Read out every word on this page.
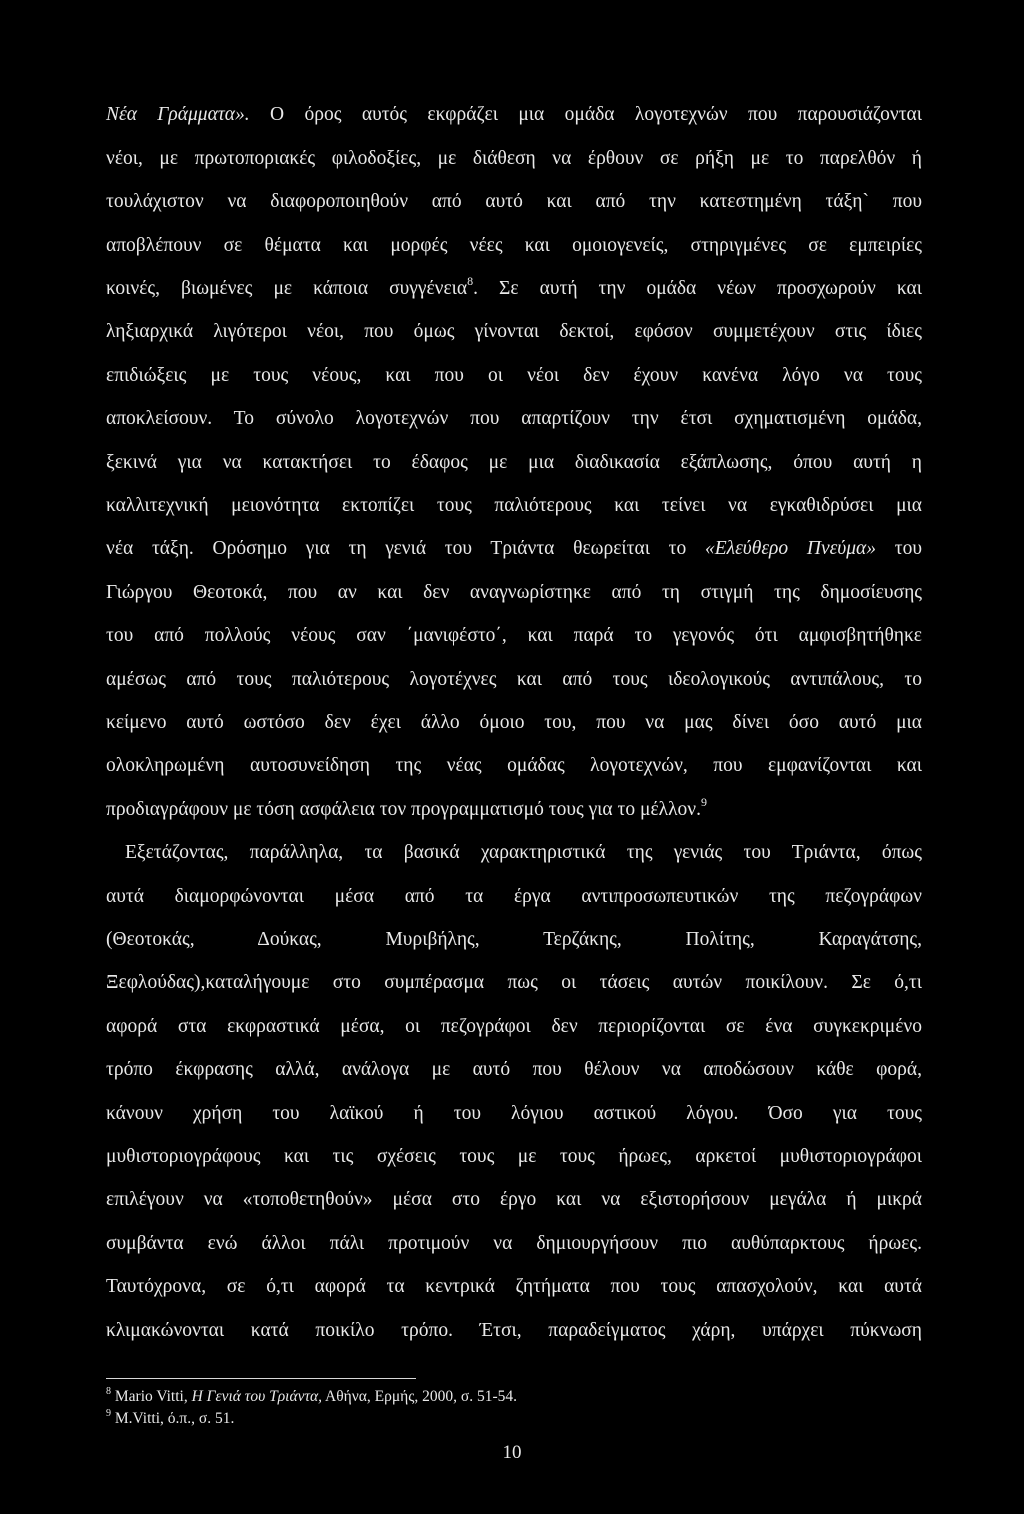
Νέα Γράμματα». Ο όρος αυτός εκφράζει μια ομάδα λογοτεχνών που παρουσιάζονται

νέοι, με πρωτοποριακές φιλοδοξίες, με διάθεση να έρθουν σε ρήξη με το παρελθόν ή

τουλάχιστον να διαφοροποιηθούν από αυτό και από την κατεστημένη τάξη` που

αποβλέπουν σε θέματα και μορφές νέες και ομοιογενείς, στηριγμένες σε εμπειρίες

κοινές, βιωμένες με κάποια συγγένεια$^8$. Σε αυτή την ομάδα νέων προσχωρούν και

ληξιαρχικά λιγότεροι νέοι, που όμως γίνονται δεκτοί, εφόσον συμμετέχουν στις ίδιες

επιδιώξεις με τους νέους, και που οι νέοι δεν έχουν κανένα λόγο να τους

αποκλείσουν. Το σύνολο λογοτεχνών που απαρτίζουν την έτσι σχηματισμένη ομάδα,

ξεκινά για να κατακτήσει το έδαφος με μια διαδικασία εξάπλωσης, όπου αυτή η

καλλιτεχνική μειονότητα εκτοπίζει τους παλιότερους και τείνει να εγκαθιδρύσει μια

νέα τάξη. Ορόσημο για τη γενιά του Τριάντα θεωρείται το «Ελεύθερο Πνεύμα» του

Γιώργου Θεοτοκά, που αν και δεν αναγνωρίστηκε από τη στιγμή της δημοσίευσης

του από πολλούς νέους σαν ΄μανιφέστο΄, και παρά το γεγονός ότι αμφισβητήθηκε

αμέσως από τους παλιότερους λογοτέχνες και από τους ιδεολογικούς αντιπάλους, το

κείμενο αυτό ωστόσο δεν έχει άλλο όμοιο του, που να μας δίνει όσο αυτό μια

ολοκληρωμένη αυτοσυνείδηση της νέας ομάδας λογοτεχνών, που εμφανίζονται και

προδιαγράφουν με τόση ασφάλεια τον προγραμματισμό τους για το μέλλον.$^9$

Εξετάζοντας, παράλληλα, τα βασικά χαρακτηριστικά της γενιάς του Τριάντα, όπως

αυτά διαμορφώνονται μέσα από τα έργα αντιπροσωπευτικών της πεζογράφων

(Θεοτοκάς, Δούκας, Μυριβήλης, Τερζάκης, Πολίτης, Καραγάτσης,

Ξεφλούδας),καταλήγουμε στο συμπέρασμα πως οι τάσεις αυτών ποικίλουν. Σε ό,τι

αφορά στα εκφραστικά μέσα, οι πεζογράφοι δεν περιορίζονται σε ένα συγκεκριμένο

τρόπο έκφρασης αλλά, ανάλογα με αυτό που θέλουν να αποδώσουν κάθε φορά,

κάνουν χρήση του λαϊκού ή του λόγιου αστικού λόγου. Όσο για τους

μυθιστοριογράφους και τις σχέσεις τους με τους ήρωες, αρκετοί μυθιστοριογράφοι

επιλέγουν να «τοποθετηθούν» μέσα στο έργο και να εξιστορήσουν μεγάλα ή μικρά

συμβάντα ενώ άλλοι πάλι προτιμούν να δημιουργήσουν πιο αυθύπαρκτους ήρωες.

Ταυτόχρονα, σε ό,τι αφορά τα κεντρικά ζητήματα που τους απασχολούν, και αυτά

κλιμακώνονται κατά ποικίλο τρόπο. Έτσι, παραδείγματος χάρη, υπάρχει πύκνωση

$^8$ Mario Vitti, Η Γενιά του Τριάντα, Αθήνα, Ερμής, 2000, σ. 51-54.
$^9$ M.Vitti, ό.π., σ. 51.
10
